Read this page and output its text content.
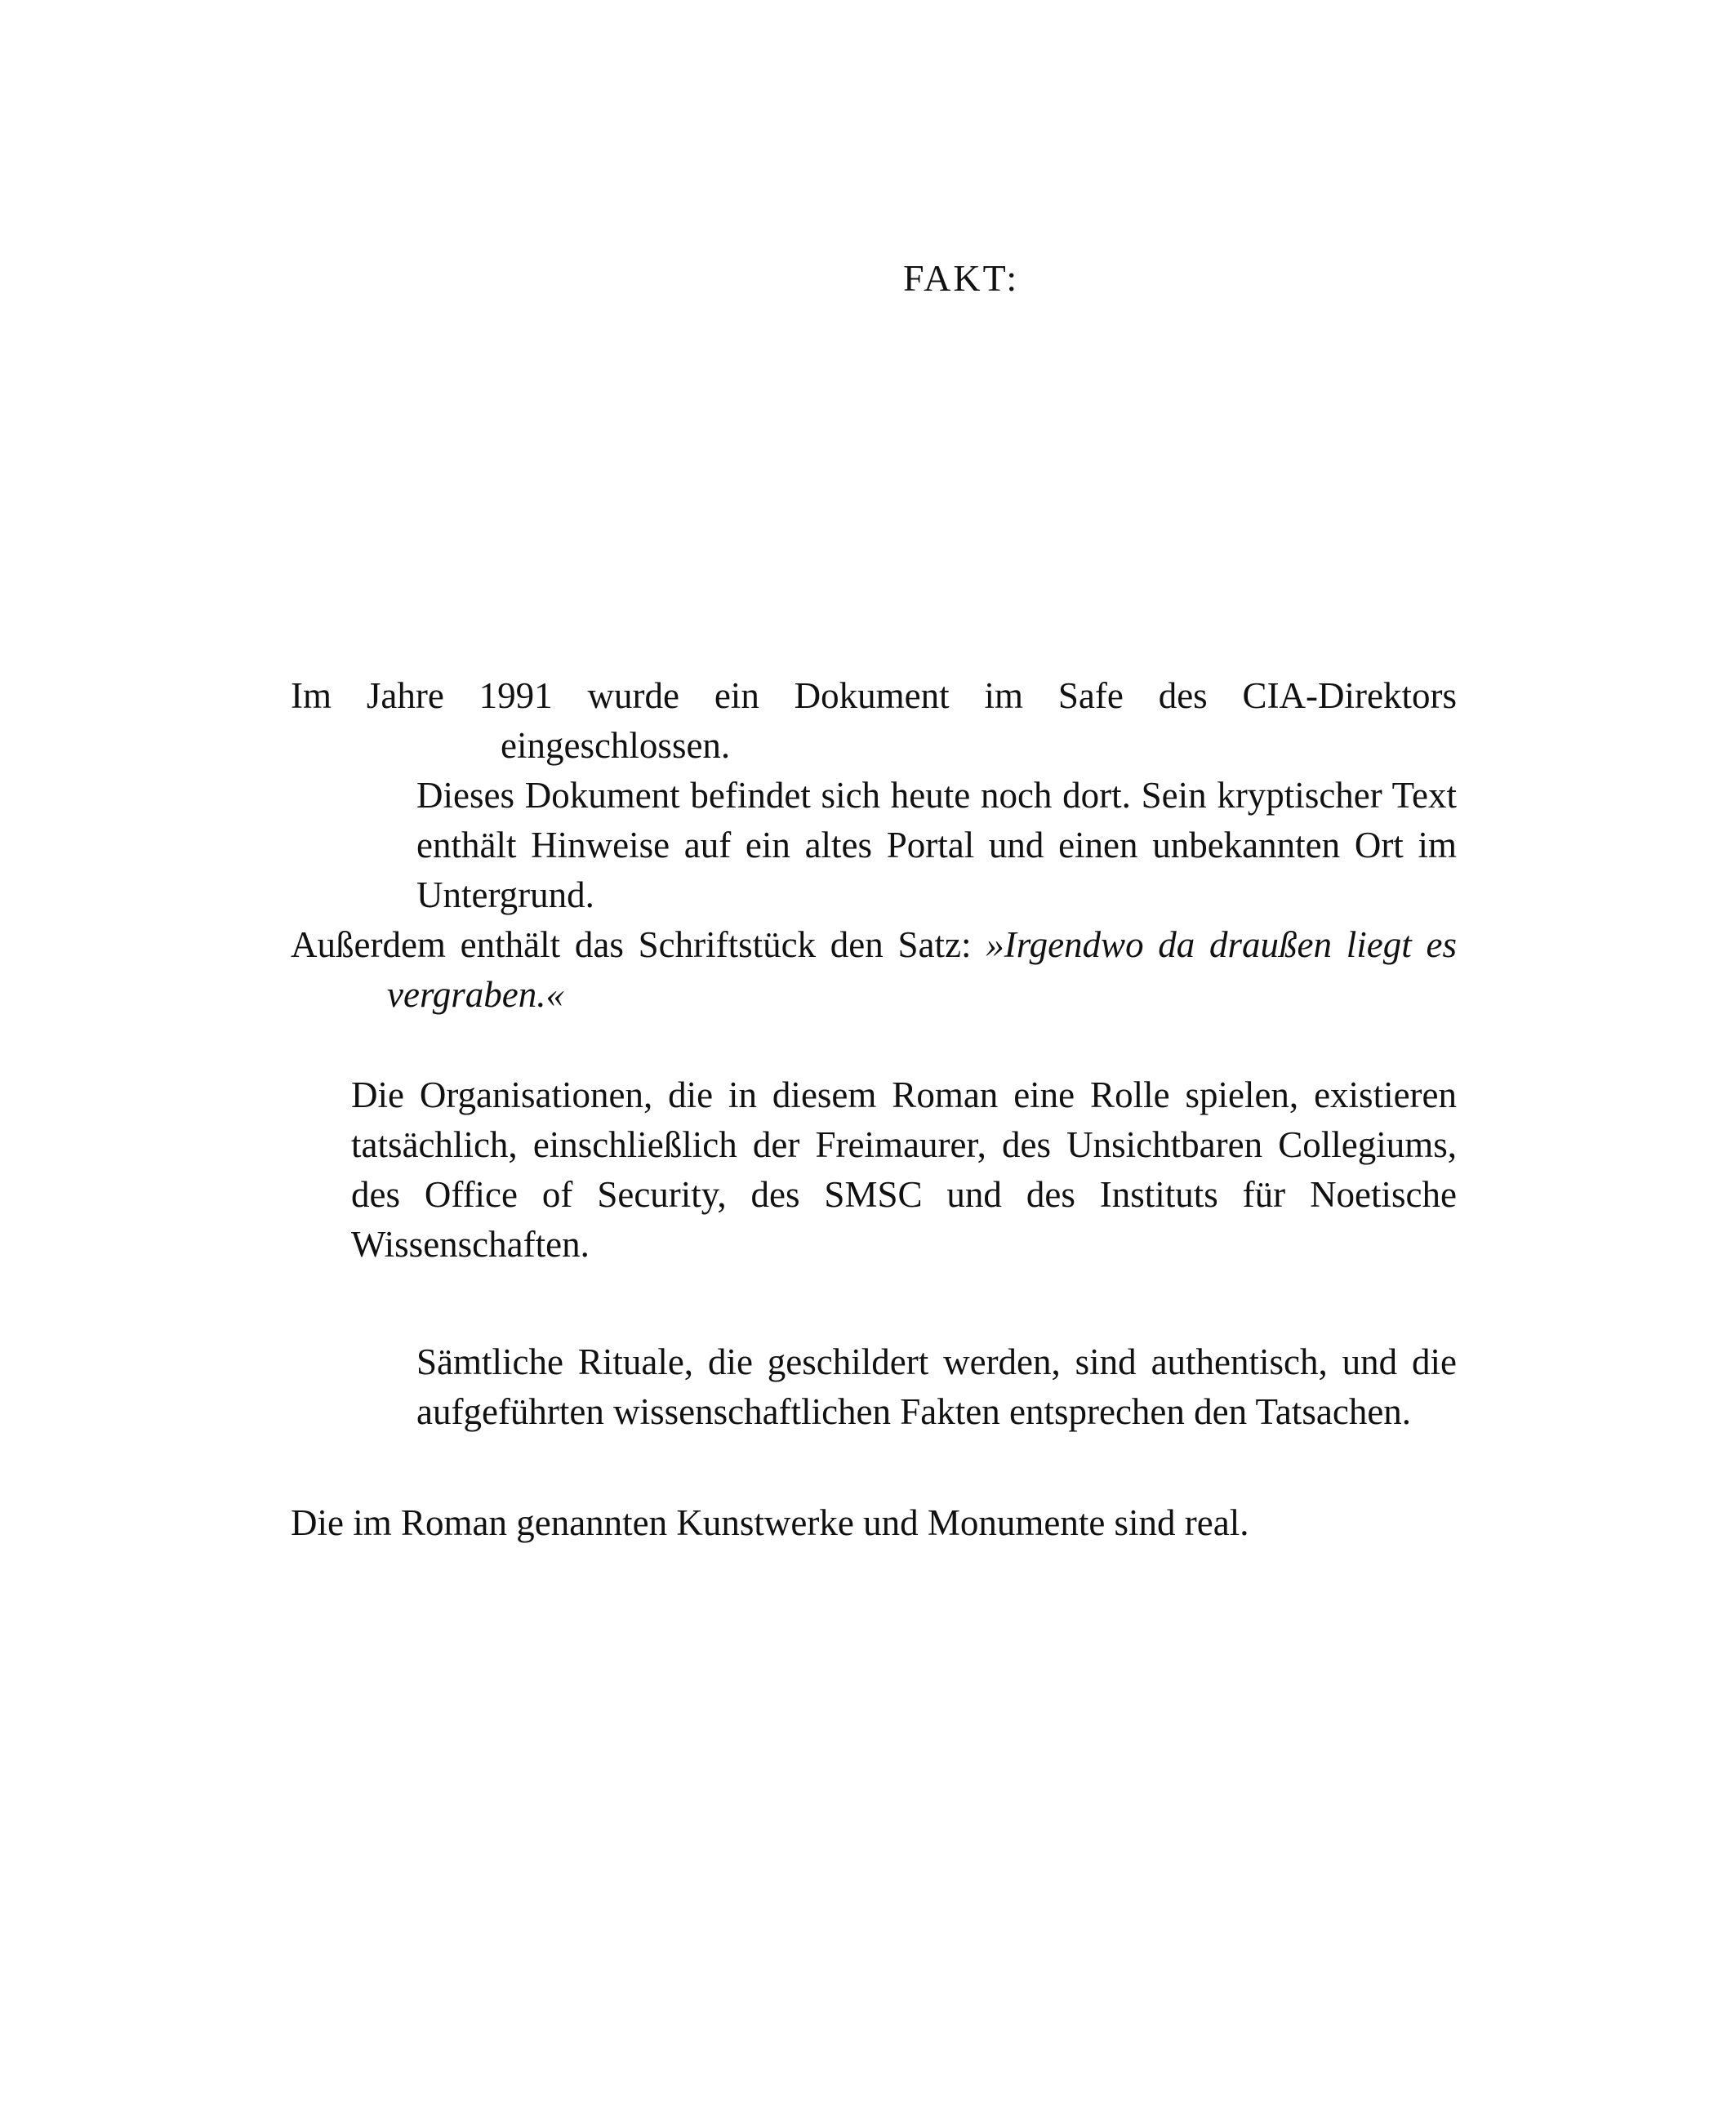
FAKT:

Im Jahre 1991 wurde ein Dokument im Safe des CIA-Direktors
eingeschlossen.

Dieses Dokument befindet sich heute noch dort. Sein kryptischer Text enthält Hinweise auf ein altes Portal und einen unbekannten Ort im Untergrund.

Außerdem enthält das Schriftstück den Satz: »Irgendwo da draußen liegt es
vergraben.«

Die Organisationen, die in diesem Roman eine Rolle spielen, existieren tatsächlich, einschließlich der Freimaurer, des Unsichtbaren Collegiums, des Office of Security, des SMSC und des Instituts für Noetische Wissenschaften.

Sämtliche Rituale, die geschildert werden, sind authentisch, und die aufgeführten wissenschaftlichen Fakten entsprechen den Tatsachen.

Die im Roman genannten Kunstwerke und Monumente sind real.
